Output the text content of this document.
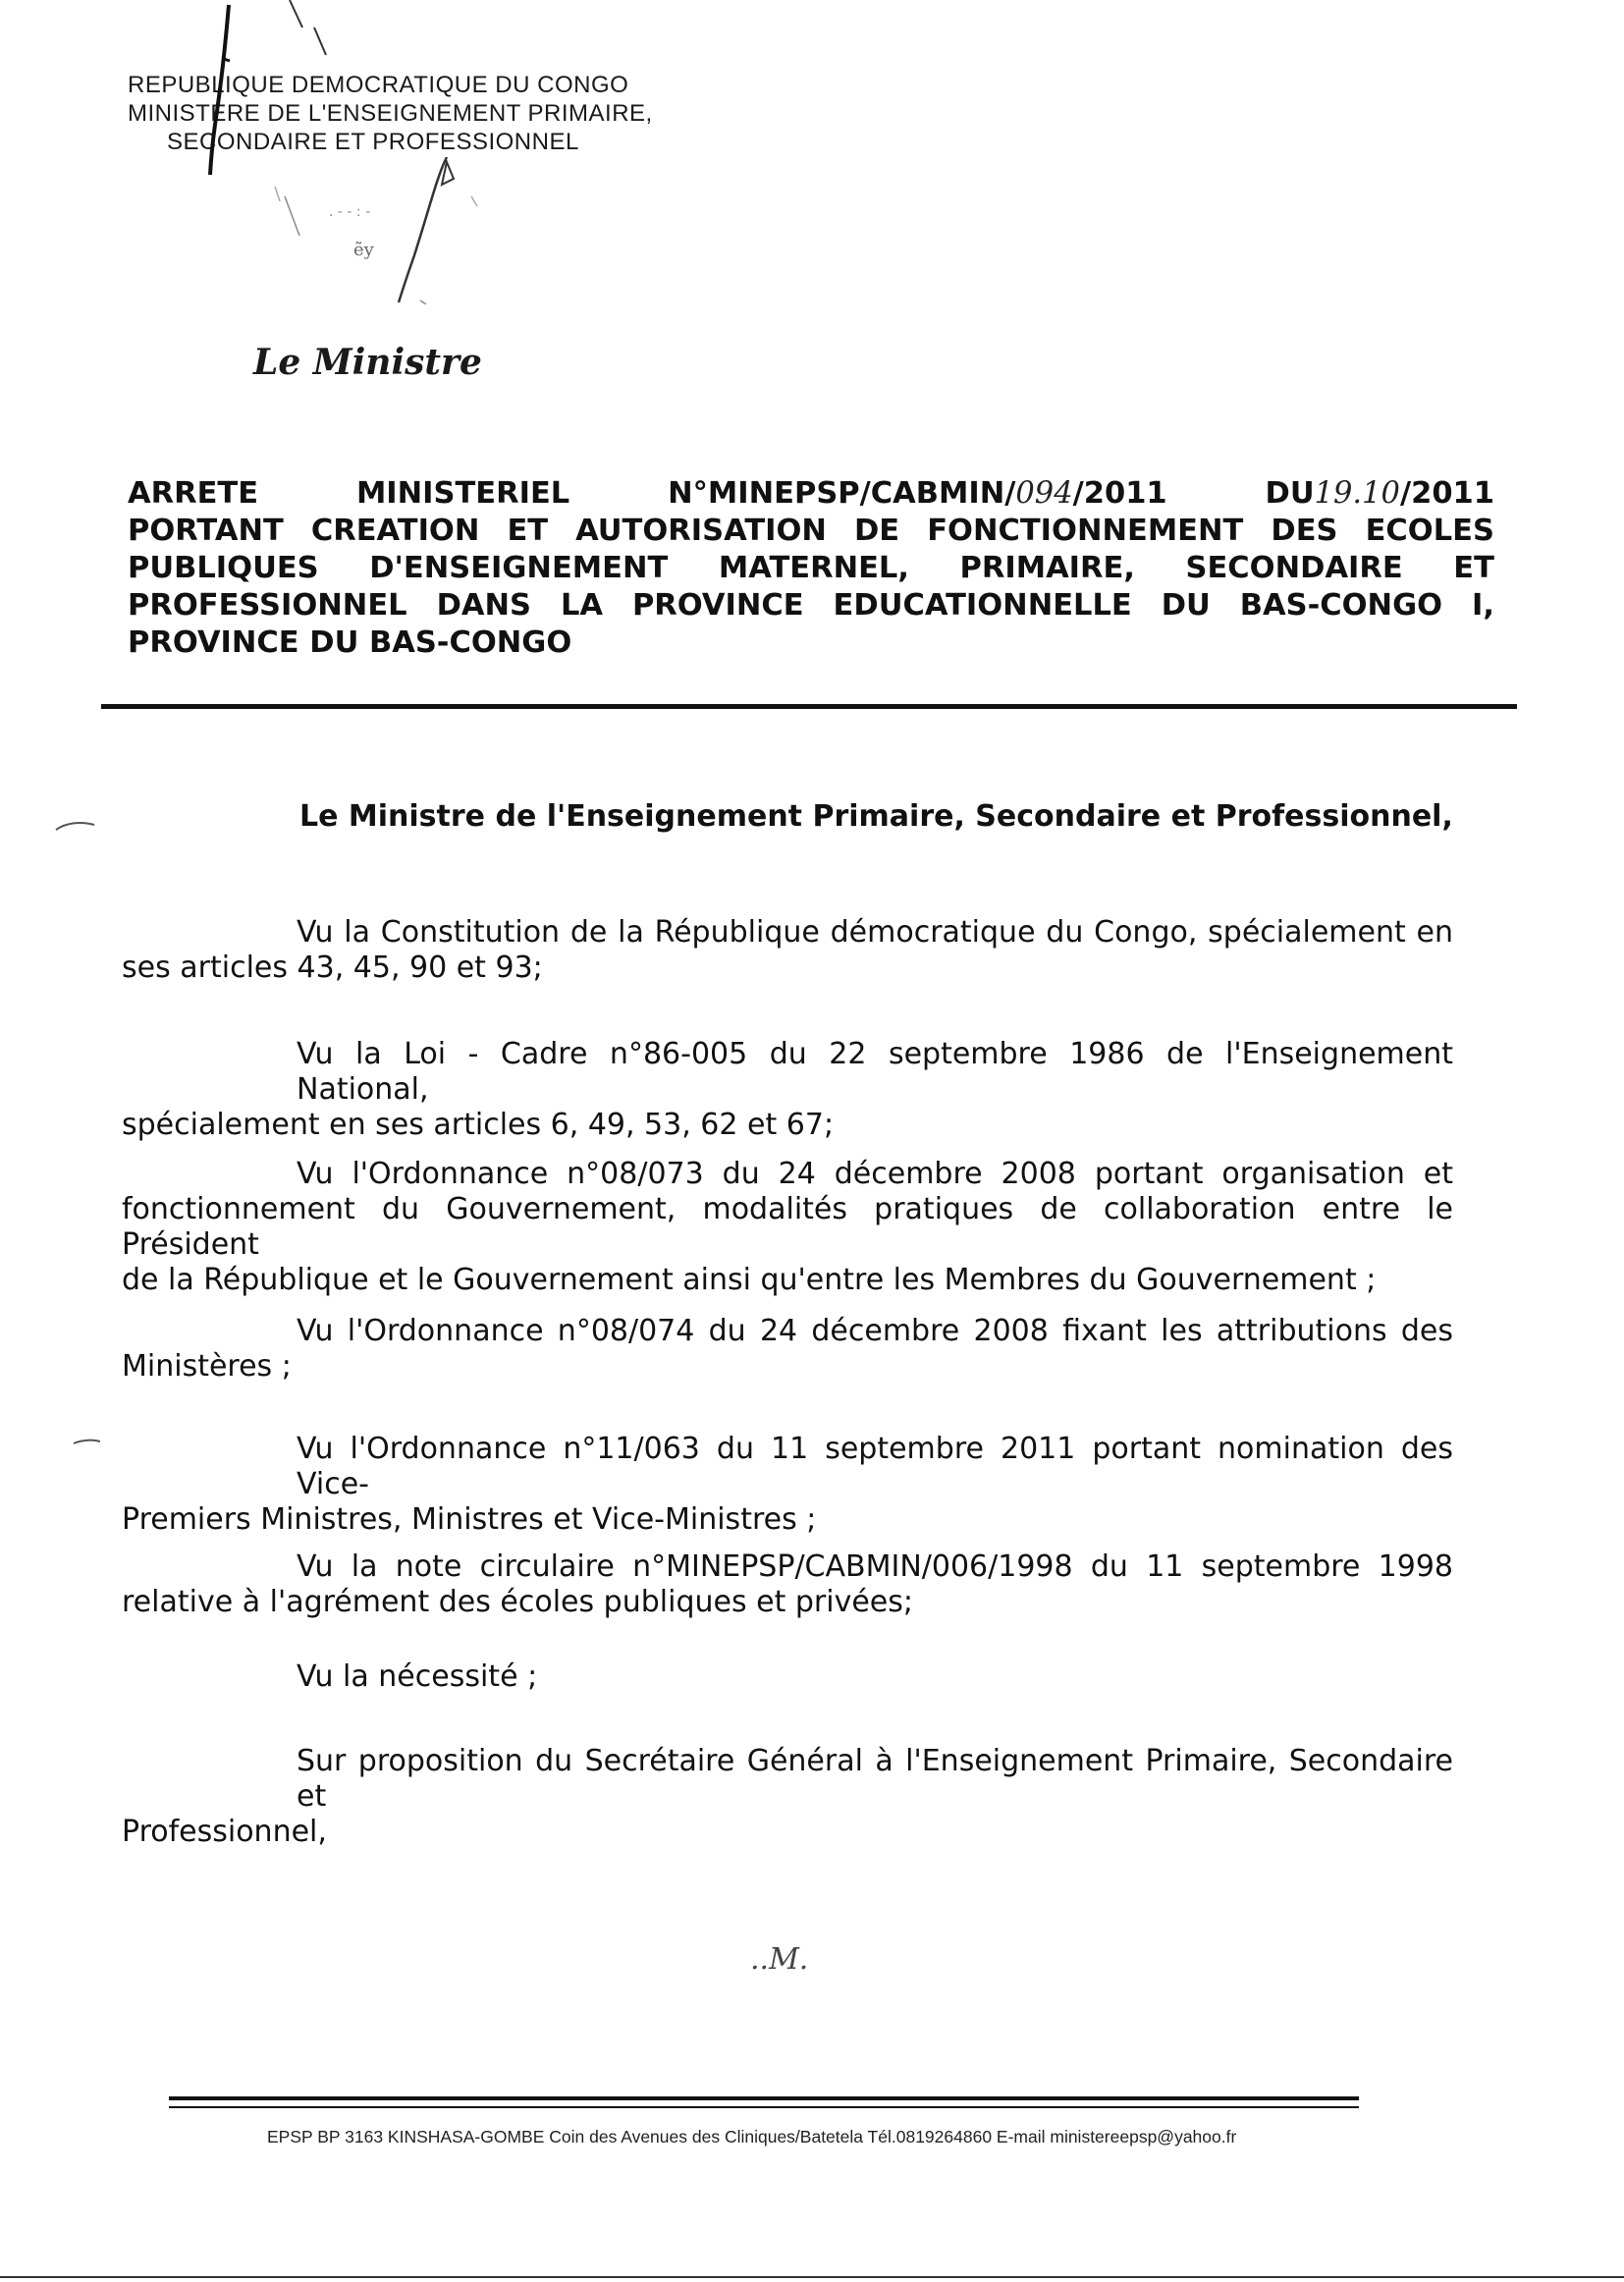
REPUBLIQUE DEMOCRATIQUE DU CONGO
MINISTERE DE L'ENSEIGNEMENT PRIMAIRE,
SECONDAIRE ET PROFESSIONNEL
. - - : -
ẽy
Le Ministre
ARRETE	MINISTERIEL	N°MINEPSP/CABMIN/094/2011	DU19.10/2011
PORTANT CREATION ET AUTORISATION DE FONCTIONNEMENT DES ECOLES
PUBLIQUES D'ENSEIGNEMENT MATERNEL, PRIMAIRE, SECONDAIRE ET
PROFESSIONNEL DANS LA PROVINCE EDUCATIONNELLE DU BAS-CONGO I,
PROVINCE DU BAS-CONGO
Le Ministre de l'Enseignement Primaire, Secondaire et Professionnel,
Vu la Constitution de la République démocratique du Congo, spécialement en
ses articles 43, 45, 90 et 93;
Vu la Loi - Cadre n°86-005 du 22 septembre 1986 de l'Enseignement National,
spécialement en ses articles 6, 49, 53, 62 et 67;
Vu l'Ordonnance n°08/073 du 24 décembre 2008 portant organisation et
fonctionnement du Gouvernement, modalités pratiques de collaboration entre le Président
de la République et le Gouvernement ainsi qu'entre les Membres du Gouvernement ;
Vu l'Ordonnance n°08/074 du 24 décembre 2008 fixant les attributions des
Ministères ;
Vu l'Ordonnance n°11/063 du 11 septembre 2011 portant nomination des Vice-
Premiers Ministres, Ministres et Vice-Ministres ;
Vu la note circulaire n°MINEPSP/CABMIN/006/1998 du 11 septembre 1998
relative à l'agrément des écoles publiques et privées;
Vu la nécessité ;
Sur proposition du Secrétaire Général à l'Enseignement Primaire, Secondaire et
Professionnel,
..M.
EPSP BP 3163 KINSHASA-GOMBE Coin des Avenues des Cliniques/Batetela Tél.0819264860 E-mail ministereepsp@yahoo.fr
